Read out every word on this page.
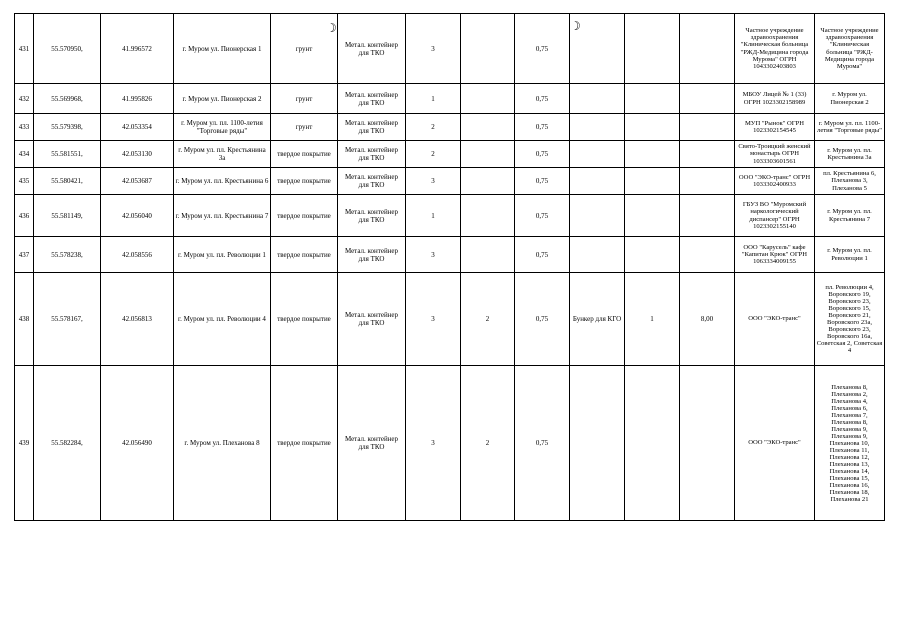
431	55.570950,	41.996572	г. Муром ул. Пионерская 1	грунт	Метал. контейнер для ТКО	3		0,75				Частное учреждение здравоохранения "Клиническая больница "РЖД-Медицина города Мурома" ОГРН 1043302403803	Частное учреждение здравоохранения "Клиническая больница "РЖД-Медицина города Мурома"
432	55.569968,	41.995826	г. Муром ул. Пионерская 2	грунт	Метал. контейнер для ТКО	1		0,75				МБОУ Лицей № 1 (33) ОГРН 1023302158989	г. Муром ул. Пионерская 2
433	55.579398,	42.053354	г. Муром ул. пл. 1100-летия "Торговые ряды"	грунт	Метал. контейнер для ТКО	2		0,75				МУП "Рынок" ОГРН 1023302154545	г. Муром ул. пл. 1100-летия "Торговые ряды"
434	55.581551,	42.053130	г. Муром ул. пл. Крестьянина 3а	твердое покрытие	Метал. контейнер для ТКО	2		0,75				Свято-Троицкий женский монастырь ОГРН 1033303601561	г. Муром ул. пл. Крестьянина 3а
435	55.580421,	42.053687	г. Муром ул. пл. Крестьянина 6	твердое покрытие	Метал. контейнер для ТКО	3		0,75				ООО "ЭКО-транс" ОГРН 1033302400933	пл. Крестьянина 6, Плеханова 3, Плеханова 5
436	55.581149,	42.056040	г. Муром ул. пл. Крестьянина 7	твердое покрытие	Метал. контейнер для ТКО	1		0,75				ГБУЗ ВО "Муромский наркологический диспансер" ОГРН 1023302155140	г. Муром ул. пл. Крестьянина 7
437	55.578238,	42.058556	г. Муром ул. пл. Революции 1	твердое покрытие	Метал. контейнер для ТКО	3		0,75				ООО "Карусель" кафе "Капитан Крюк" ОГРН 1063334009155	г. Муром ул. пл. Революции 1
438	55.578167,	42.056813	г. Муром ул. пл. Революции 4	твердое покрытие	Метал. контейнер для ТКО	3	2	0,75	Бункер для КГО	1	8,00	ООО "ЭКО-транс"	пл. Революции 4, Воровского 19, Воровского 23, Воровского 15, Воровского 21, Воровского 23а, Воровского 23, Воровского 16а, Советская 2, Советская 4
439	55.582284,	42.056490	г. Муром ул. Плеханова 8	твердое покрытие	Метал. контейнер для ТКО	3	2	0,75				ООО "ЭКО-транс"	Плеханова 8, Плеханова 2, Плеханова 4, Плеханова 6, Плеханова 7, Плеханова 8, Плеханова 9, Плеханова 9, Плеханова 10, Плеханова 11, Плеханова 12, Плеханова 13, Плеханова 14, Плеханова 15, Плеханова 16, Плеханова 18, Плеханова 21
☽	☽
